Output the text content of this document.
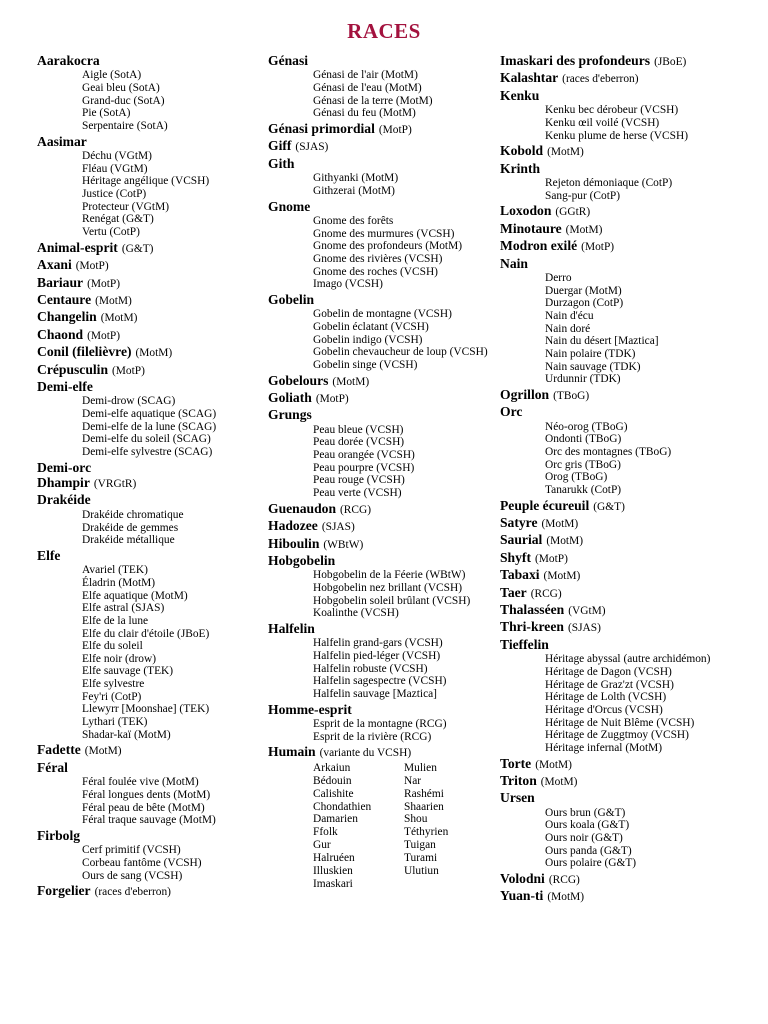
RACES
Aarakocra
Aigle (SotA)
Geai bleu (SotA)
Grand-duc (SotA)
Pie (SotA)
Serpentaire (SotA)
Aasimar
Déchu (VGtM)
Fléau (VGtM)
Héritage angélique (VCSH)
Justice (CotP)
Protecteur (VGtM)
Renégat (G&T)
Vertu (CotP)
Animal-esprit (G&T)
Axani (MotP)
Bariaur (MotP)
Centaure (MotM)
Changelin (MotM)
Chaond (MotP)
Conil (filelièvre) (MotM)
Crépusculin (MotP)
Demi-elfe
Demi-drow (SCAG)
Demi-elfe aquatique (SCAG)
Demi-elfe de la lune (SCAG)
Demi-elfe du soleil (SCAG)
Demi-elfe sylvestre (SCAG)
Demi-orc
Dhampir (VRGtR)
Drakéide
Drakéide chromatique
Drakéide de gemmes
Drakéide métallique
Elfe
Avariel (TEK)
Éladrin (MotM)
Elfe aquatique (MotM)
Elfe astral (SJAS)
Elfe de la lune
Elfe du clair d'étoile (JBoE)
Elfe du soleil
Elfe noir (drow)
Elfe sauvage (TEK)
Elfe sylvestre
Fey'ri (CotP)
Llewyrr [Moonshae] (TEK)
Lythari (TEK)
Shadar-kaï (MotM)
Fadette (MotM)
Féral
Féral foulée vive (MotM)
Féral longues dents (MotM)
Féral peau de bête (MotM)
Féral traque sauvage (MotM)
Firbolg
Cerf primitif (VCSH)
Corbeau fantôme (VCSH)
Ours de sang (VCSH)
Forgelier (races d'eberron)
Génasi
Génasi de l'air (MotM)
Génasi de l'eau (MotM)
Génasi de la terre (MotM)
Génasi du feu (MotM)
Génasi primordial (MotP)
Giff (SJAS)
Gith
Githyanki (MotM)
Githzerai (MotM)
Gnome
Gnome des forêts
Gnome des murmures (VCSH)
Gnome des profondeurs (MotM)
Gnome des rivières (VCSH)
Gnome des roches (VCSH)
Imago (VCSH)
Gobelin
Gobelin de montagne (VCSH)
Gobelin éclatant (VCSH)
Gobelin indigo (VCSH)
Gobelin chevaucheur de loup (VCSH)
Gobelin singe (VCSH)
Gobelours (MotM)
Goliath (MotP)
Grungs
Peau bleue (VCSH)
Peau dorée (VCSH)
Peau orangée (VCSH)
Peau pourpre (VCSH)
Peau rouge (VCSH)
Peau verte (VCSH)
Guenaudon (RCG)
Hadozee (SJAS)
Hiboulin (WBtW)
Hobgobelin
Hobgobelin de la Féerie (WBtW)
Hobgobelin nez brillant (VCSH)
Hobgobelin soleil brûlant (VCSH)
Koalinthe (VCSH)
Halfelin
Halfelin grand-gars (VCSH)
Halfelin pied-léger (VCSH)
Halfelin robuste (VCSH)
Halfelin sagespectre (VCSH)
Halfelin sauvage [Maztica]
Homme-esprit
Esprit de la montagne (RCG)
Esprit de la rivière (RCG)
Humain (variante du VCSH)
Arkaiun	Mulien
Bédouin	Nar
Calishite	Rashémi
Chondathien	Shaarien
Damarien	Shou
Ffolk	Téthyrien
Gur	Tuigan
Halruéen	Turami
Illuskien	Ulutiun
Imaskari
Imaskari des profondeurs (JBoE)
Kalashtar (races d'eberron)
Kenku
Kenku bec dérobeur (VCSH)
Kenku œil voilé (VCSH)
Kenku plume de herse (VCSH)
Kobold (MotM)
Krinth
Rejeton démoniaque (CotP)
Sang-pur (CotP)
Loxodon (GGtR)
Minotaure (MotM)
Modron exilé (MotP)
Nain
Derro
Duergar (MotM)
Durzagon (CotP)
Nain d'écu
Nain doré
Nain du désert [Maztica]
Nain polaire (TDK)
Nain sauvage (TDK)
Urdunnir (TDK)
Ogrillon (TBoG)
Orc
Néo-orog (TBoG)
Ondonti (TBoG)
Orc des montagnes (TBoG)
Orc gris (TBoG)
Orog (TBoG)
Tanarukk (CotP)
Peuple écureuil (G&T)
Satyre (MotM)
Saurial (MotM)
Shyft (MotP)
Tabaxi (MotM)
Taer (RCG)
Thalasséen (VGtM)
Thri-kreen (SJAS)
Tieffelin
Héritage abyssal (autre archidémon)
Héritage de Dagon (VCSH)
Héritage de Graz'zt (VCSH)
Héritage de Lolth (VCSH)
Héritage d'Orcus (VCSH)
Héritage de Nuit Blême (VCSH)
Héritage de Zuggtmoy (VCSH)
Héritage infernal (MotM)
Torte (MotM)
Triton (MotM)
Ursen
Ours brun (G&T)
Ours koala (G&T)
Ours noir (G&T)
Ours panda (G&T)
Ours polaire (G&T)
Volodni (RCG)
Yuan-ti (MotM)
